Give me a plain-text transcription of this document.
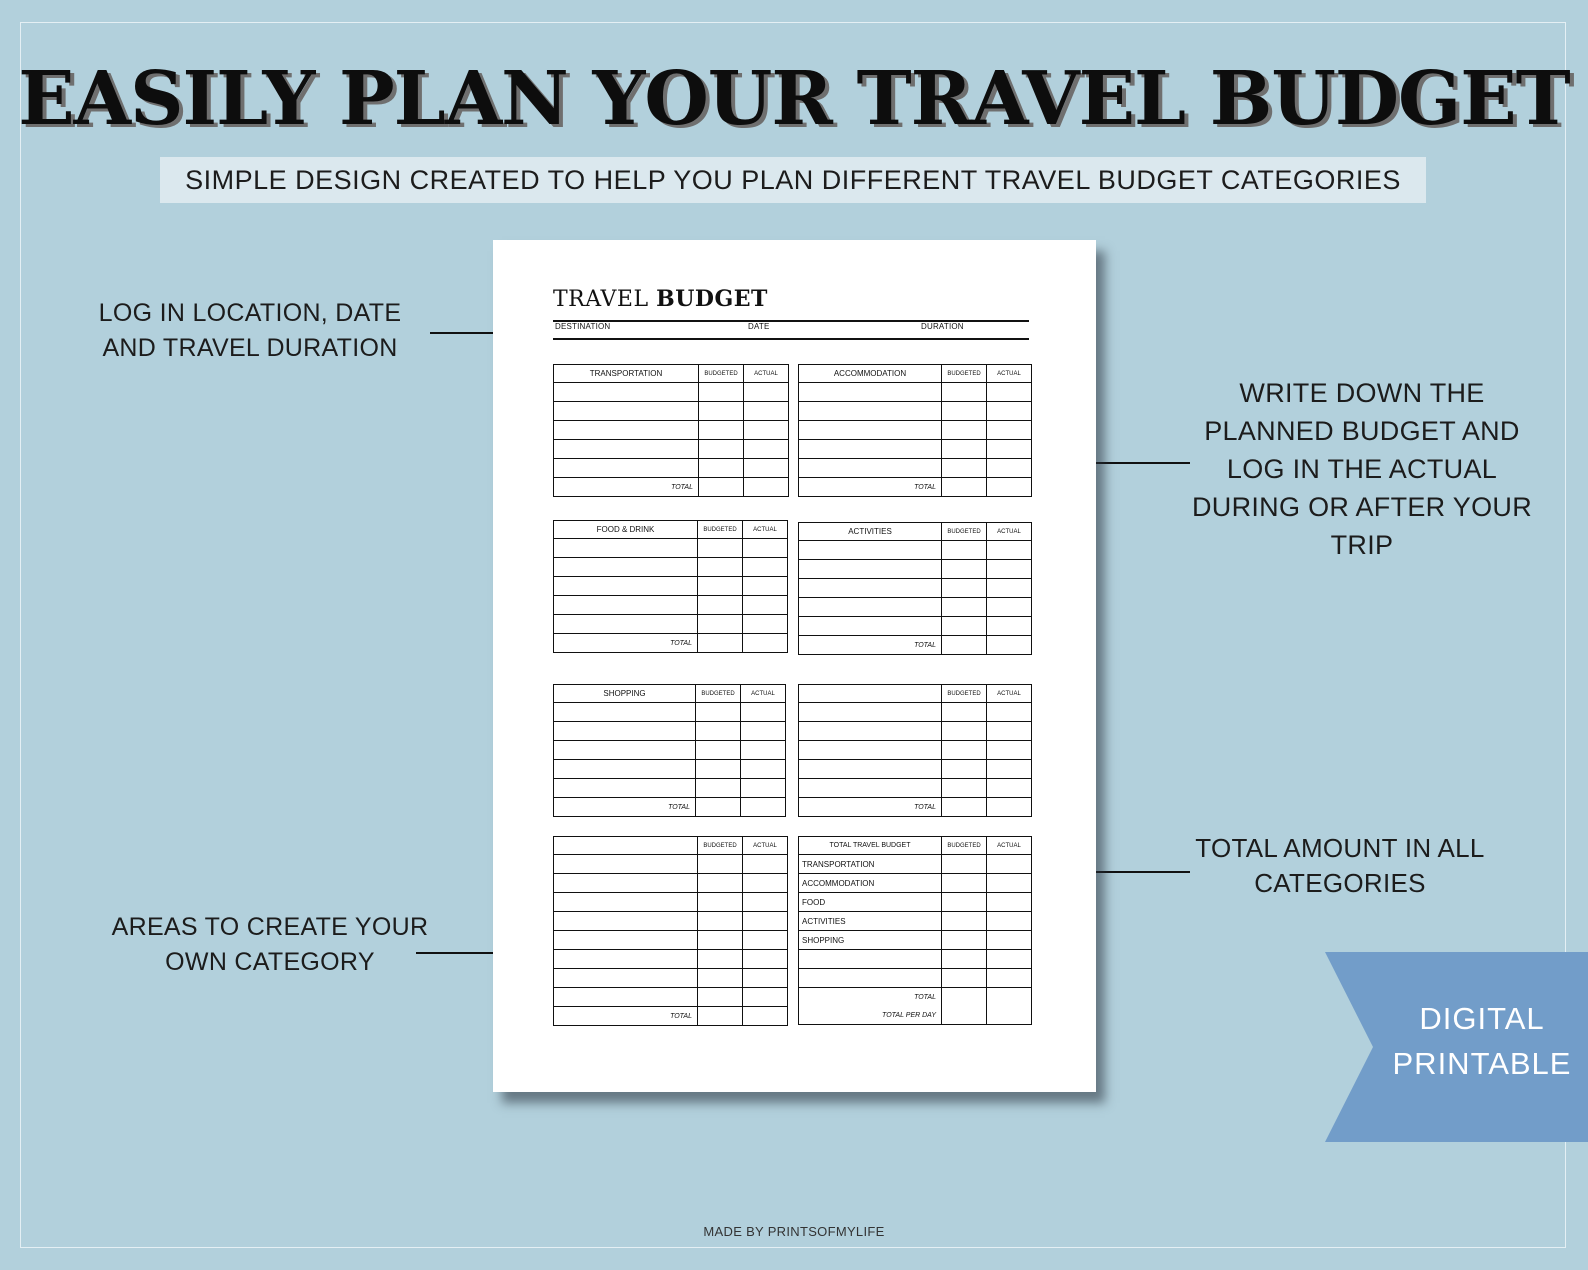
EASILY PLAN YOUR TRAVEL BUDGET
SIMPLE DESIGN CREATED TO HELP YOU PLAN DIFFERENT TRAVEL BUDGET CATEGORIES
LOG IN LOCATION, DATE
AND TRAVEL DURATION
AREAS TO CREATE YOUR
OWN CATEGORY
WRITE DOWN THE
PLANNED BUDGET AND
LOG IN THE ACTUAL
DURING OR AFTER YOUR
TRIP
TOTAL AMOUNT IN ALL
CATEGORIES
DIGITAL
PRINTABLE
TRAVEL BUDGET
DESTINATION	DATE	DURATION
TRANSPORTATION	BUDGETED	ACTUAL

TOTAL		
ACCOMMODATION	BUDGETED	ACTUAL

TOTAL		
FOOD & DRINK	BUDGETED	ACTUAL

TOTAL		
ACTIVITIES	BUDGETED	ACTUAL

TOTAL		
SHOPPING	BUDGETED	ACTUAL

TOTAL		
	BUDGETED	ACTUAL

TOTAL		
	BUDGETED	ACTUAL

TOTAL		
TOTAL TRAVEL BUDGET	BUDGETED	ACTUAL
TRANSPORTATION		
ACCOMMODATION		
FOOD		
ACTIVITIES		
SHOPPING		

TOTAL		
TOTAL PER DAY		
MADE BY PRINTSOFMYLIFE
